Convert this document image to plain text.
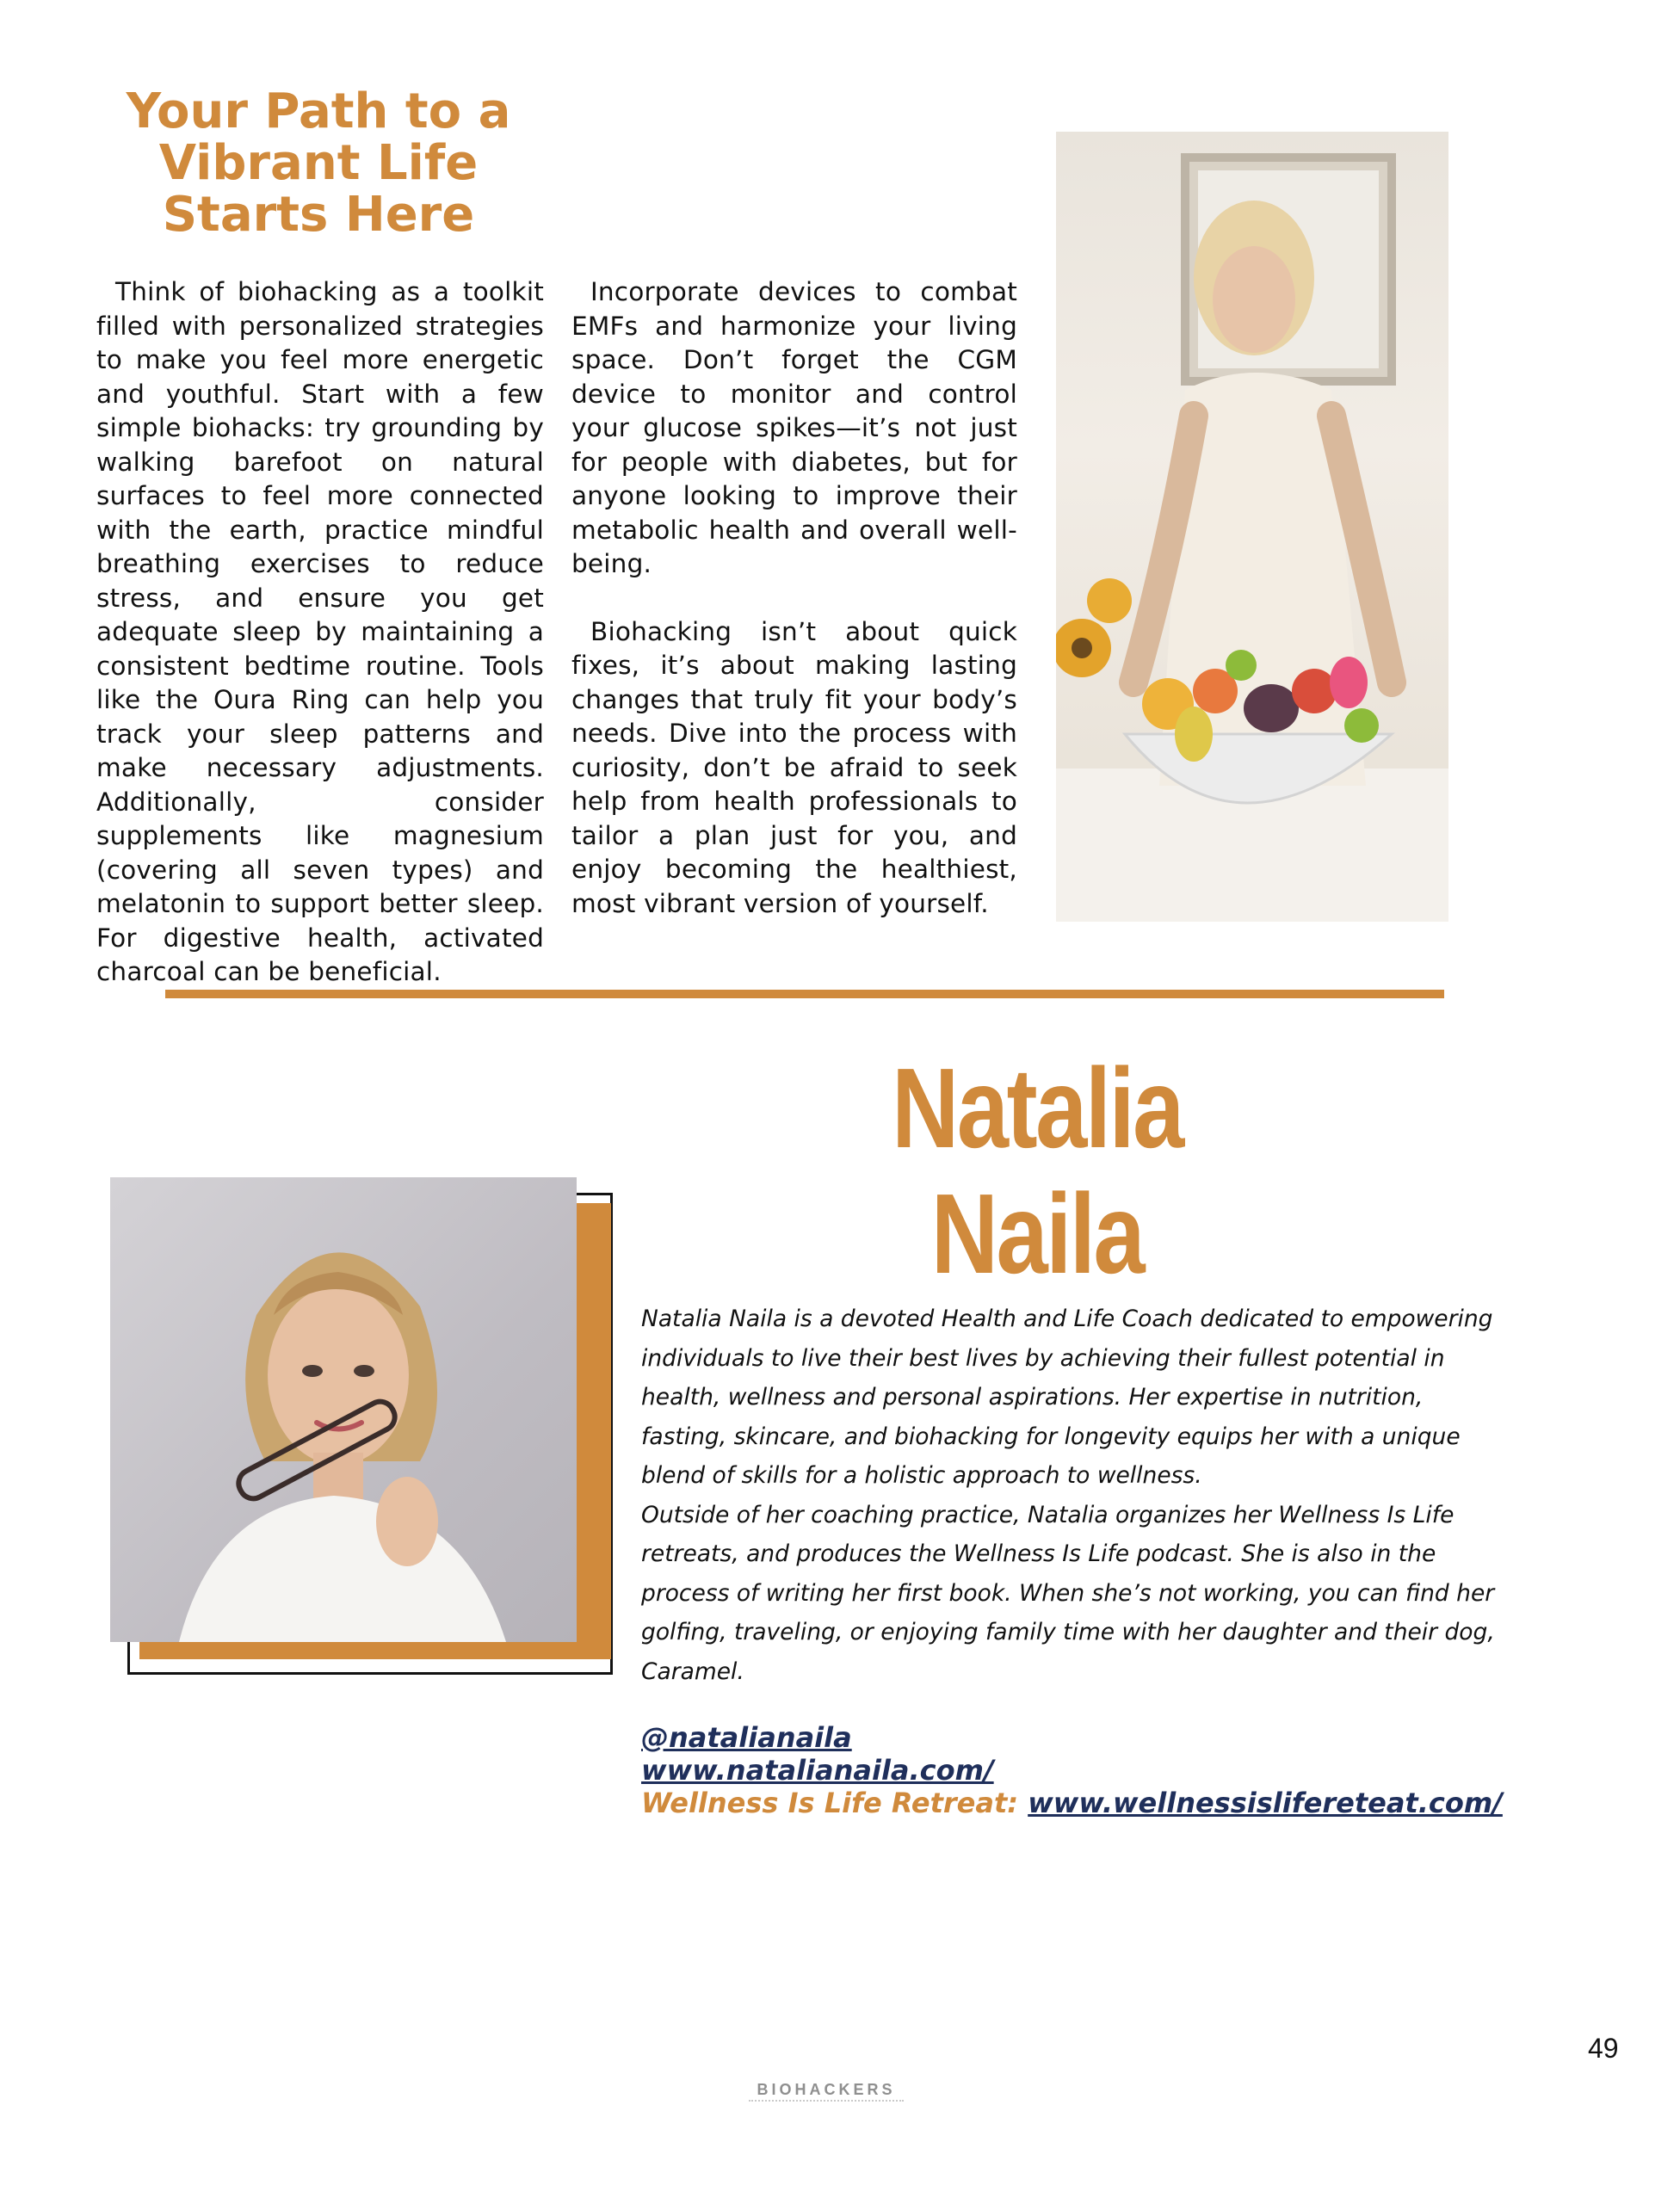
Your Path to a Vibrant Life Starts Here

Think of biohacking as a toolkit filled with personalized strategies to make you feel more energetic and youthful. Start with a few simple biohacks: try grounding by walking barefoot on natural surfaces to feel more connected with the earth, practice mindful breathing exercises to reduce stress, and ensure you get adequate sleep by maintaining a consistent bedtime routine. Tools like the Oura Ring can help you track your sleep patterns and make necessary adjustments. Additionally, consider supplements like magnesium (covering all seven types) and melatonin to support better sleep. For digestive health, activated charcoal can be beneficial.

Incorporate devices to combat EMFs and harmonize your living space. Don’t forget the CGM device to monitor and control your glucose spikes—it’s not just for people with diabetes, but for anyone looking to improve their metabolic health and overall well-being.

Biohacking isn’t about quick fixes, it’s about making lasting changes that truly fit your body’s needs. Dive into the process with curiosity, don’t be afraid to seek help from health professionals to tailor a plan just for you, and enjoy becoming the healthiest, most vibrant version of yourself.

Natalia
Naila
Natalia Naila is a devoted Health and Life Coach dedicated to empowering individuals to live their best lives by achieving their fullest potential in health, wellness and personal aspirations. Her expertise in nutrition, fasting, skincare, and biohacking for longevity equips her with a unique blend of skills for a holistic approach to wellness.
Outside of her coaching practice, Natalia organizes her Wellness Is Life retreats, and produces the Wellness Is Life podcast. She is also in the process of writing her first book. When she’s not working, you can find her golfing, traveling, or enjoying family time with her daughter and their dog, Caramel.
@natalianaila
www.natalianaila.com/
Wellness Is Life Retreat: www.wellnessislifereteat.com/
BIOHACKERS
49
